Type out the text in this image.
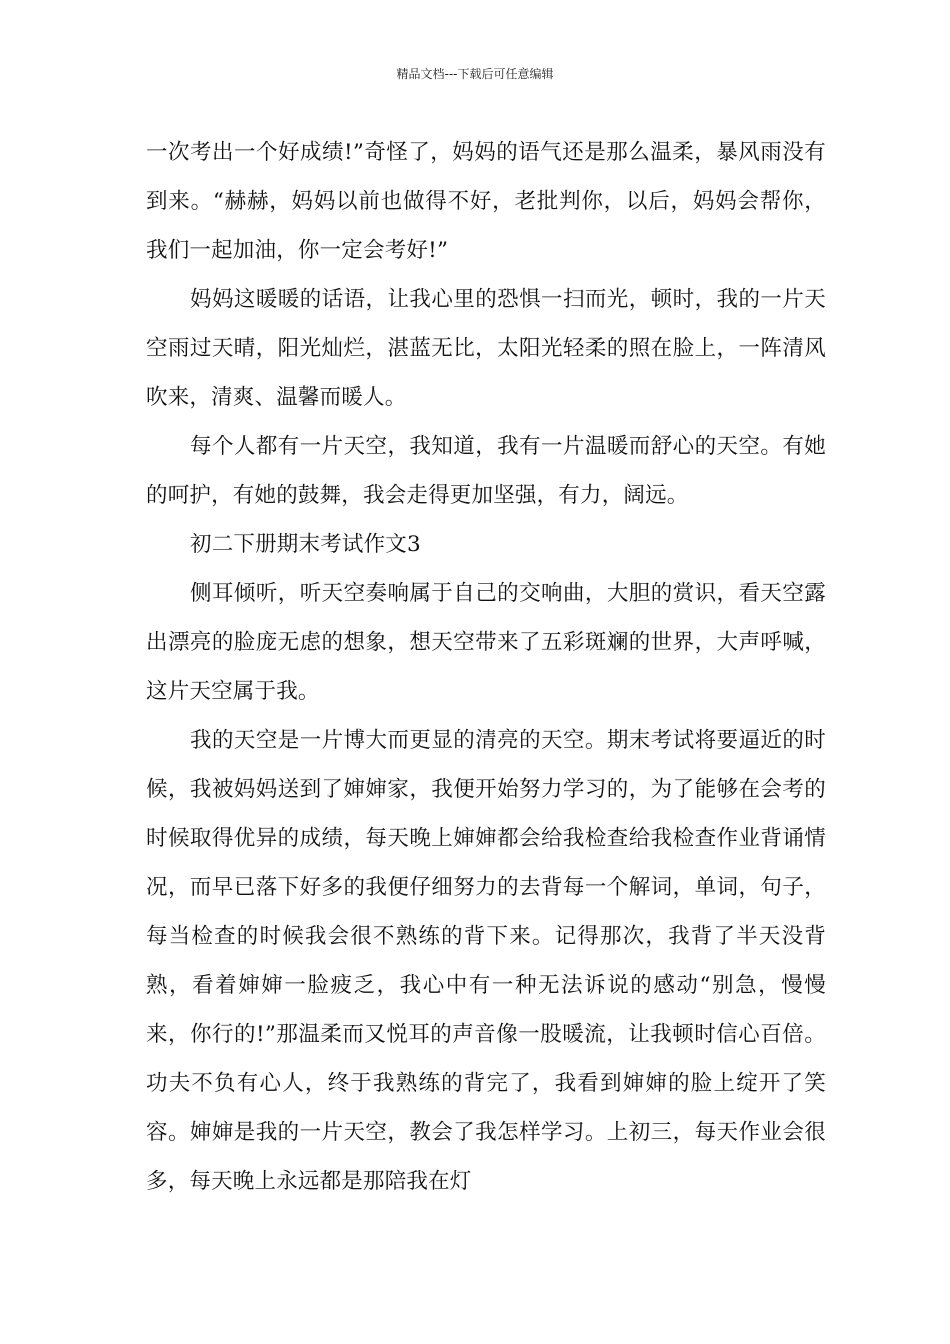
精品文档---下载后可任意编辑

一次考出一个好成绩!”奇怪了，妈妈的语气还是那么温柔，暴风雨没有到来。“赫赫，妈妈以前也做得不好，老批判你，以后，妈妈会帮你，我们一起加油，你一定会考好!”

妈妈这暖暖的话语，让我心里的恐惧一扫而光，顿时，我的一片天空雨过天晴，阳光灿烂，湛蓝无比，太阳光轻柔的照在脸上，一阵清风吹来，清爽、温馨而暖人。

每个人都有一片天空，我知道，我有一片温暖而舒心的天空。有她的呵护，有她的鼓舞，我会走得更加坚强，有力，阔远。

初二下册期末考试作文3

侧耳倾听，听天空奏响属于自己的交响曲，大胆的赏识，看天空露出漂亮的脸庞无虑的想象，想天空带来了五彩斑斓的世界，大声呼喊，这片天空属于我。

我的天空是一片博大而更显的清亮的天空。期末考试将要逼近的时候，我被妈妈送到了婶婶家，我便开始努力学习的，为了能够在会考的时候取得优异的成绩，每天晚上婶婶都会给我检查给我检查作业背诵情况，而早已落下好多的我便仔细努力的去背每一个解词，单词，句子，每当检查的时候我会很不熟练的背下来。记得那次，我背了半天没背熟，看着婶婶一脸疲乏，我心中有一种无法诉说的感动“别急，慢慢来，你行的!”那温柔而又悦耳的声音像一股暖流，让我顿时信心百倍。功夫不负有心人，终于我熟练的背完了，我看到婶婶的脸上绽开了笑容。婶婶是我的一片天空，教会了我怎样学习。上初三，每天作业会很多，每天晚上永远都是那陪我在灯
